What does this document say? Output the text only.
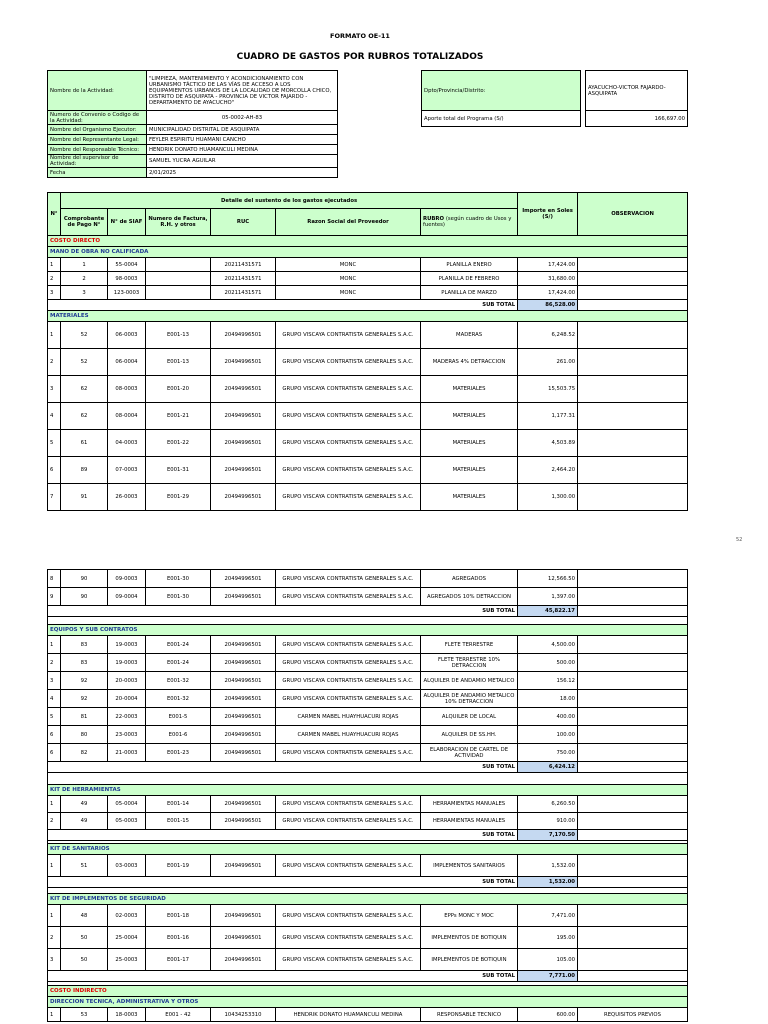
FORMATO OE-11
CUADRO DE GASTOS POR RUBROS TOTALIZADOS
Nombre de la Actividad:	"LIMPIEZA, MANTENIMIENTO Y ACONDICIONAMIENTO CON URBANISMO TÁCTICO DE LAS VÍAS DE ACCESO A LOS EQUIPAMIENTOS URBANOS DE LA LOCALIDAD DE MORCOLLA CHICO, DISTRITO DE ASQUIPATA - PROVINCIA DE VICTOR FAJARDO - DEPARTAMENTO DE AYACUCHO"
Numero de Convenio o Codigo de la Actividad:	05-0002-AH-83
Nombre del Organismo Ejecutor:	MUNICIPALIDAD DISTRITAL DE ASQUIPATA
Nombre del Representante Legal:	FEYLER ESPIRITU HUAMANI CANCHO
Nombre del Responsable Técnico:	HENDRIK DONATO HUAMANCULI MEDINA
Nombre del supervisor de Actividad:	SAMUEL YUCRA AGUILAR
Fecha	2/01/2025
Dpto/Provincia/Distrito:		AYACUCHO-VICTOR FAJARDO-ASQUIPATA
Aporte total del Programa (S/)		166,697.00
N°	Detalle del sustento de los gastos ejecutados						Importe en Soles (S/)	OBSERVACION
	Comprobante de Pago N°	N° de SIAF	Numero de Factura, R.H. y otros	RUC	Razon Social del Proveedor	RUBRO (según cuadro de Usos y fuentes)		
COSTO DIRECTO								
MANO DE OBRA NO CALIFICADA								
1	1	55-0004		20211431571	MONC	PLANILLA ENERO	17,424.00	
2	2	98-0003		20211431571	MONC	PLANILLA DE FEBRERO	31,680.00	
3	3	123-0003		20211431571	MONC	PLANILLA DE MARZO	17,424.00	
SUB TOTAL							86,528.00	
MATERIALES								
1	52	06-0003	E001-13	20494996501	GRUPO VISCAYA CONTRATISTA GENERALES S.A.C.	MADERAS	6,248.52	
2	52	06-0004	E001-13	20494996501	GRUPO VISCAYA CONTRATISTA GENERALES S.A.C.	MADERAS 4% DETRACCION	261.00	
3	62	08-0003	E001-20	20494996501	GRUPO VISCAYA CONTRATISTA GENERALES S.A.C.	MATERIALES	15,503.75	
4	62	08-0004	E001-21	20494996501	GRUPO VISCAYA CONTRATISTA GENERALES S.A.C.	MATERIALES	1,177.31	
5	61	04-0003	E001-22	20494996501	GRUPO VISCAYA CONTRATISTA GENERALES S.A.C.	MATERIALES	4,503.89	
6	89	07-0003	E001-31	20494996501	GRUPO VISCAYA CONTRATISTA GENERALES S.A.C.	MATERIALES	2,464.20	
7	91	26-0003	E001-29	20494996501	GRUPO VISCAYA CONTRATISTA GENERALES S.A.C.	MATERIALES	1,300.00	
52
8	90	09-0003	E001-30	20494996501	GRUPO VISCAYA CONTRATISTA GENERALES S.A.C.	AGREGADOS	12,566.50	
9	90	09-0004	E001-30	20494996501	GRUPO VISCAYA CONTRATISTA GENERALES S.A.C.	AGREGADOS 10% DETRACCION	1,397.00	
SUB TOTAL							45,822.17	

EQUIPOS Y SUB CONTRATOS								
1	83	19-0003	E001-24	20494996501	GRUPO VISCAYA CONTRATISTA GENERALES S.A.C.	FLETE TERRESTRE	4,500.00	
2	83	19-0003	E001-24	20494996501	GRUPO VISCAYA CONTRATISTA GENERALES S.A.C.	FLETE TERRESTRE 10% DETRACCION	500.00	
3	92	20-0003	E001-32	20494996501	GRUPO VISCAYA CONTRATISTA GENERALES S.A.C.	ALQUILER DE ANDAMIO METALICO	156.12	
4	92	20-0004	E001-32	20494996501	GRUPO VISCAYA CONTRATISTA GENERALES S.A.C.	ALQUILER DE ANDAMIO METALICO 10% DETRACCION	18.00	
5	81	22-0003	E001-5	20494996501	CARMEN MABEL HUAYHUACURI ROJAS	ALQUILER DE LOCAL	400.00	
6	80	23-0003	E001-6	20494996501	CARMEN MABEL HUAYHUACURI ROJAS	ALQUILER DE SS.HH.	100.00	
6	82	21-0003	E001-23	20494996501	GRUPO VISCAYA CONTRATISTA GENERALES S.A.C.	ELABORACION DE CARTEL DE ACTIVIDAD	750.00	
SUB TOTAL							6,424.12	

KIT DE HERRAMIENTAS								
1	49	05-0004	E001-14	20494996501	GRUPO VISCAYA CONTRATISTA GENERALES S.A.C.	HERRAMIENTAS MANUALES	6,260.50	
2	49	05-0003	E001-15	20494996501	GRUPO VISCAYA CONTRATISTA GENERALES S.A.C.	HERRAMIENTAS MANUALES	910.00	
SUB TOTAL							7,170.50	

KIT DE SANITARIOS								
1	51	03-0003	E001-19	20494996501	GRUPO VISCAYA CONTRATISTA GENERALES S.A.C.	IMPLEMENTOS SANITARIOS	1,532.00	
SUB TOTAL							1,532.00	

KIT DE IMPLEMENTOS DE SEGURIDAD								
1	48	02-0003	E001-18	20494996501	GRUPO VISCAYA CONTRATISTA GENERALES S.A.C.	EPPs MONC Y MOC	7,471.00	
2	50	25-0004	E001-16	20494996501	GRUPO VISCAYA CONTRATISTA GENERALES S.A.C.	IMPLEMENTOS DE BOTIQUIN	195.00	
3	50	25-0003	E001-17	20494996501	GRUPO VISCAYA CONTRATISTA GENERALES S.A.C.	IMPLEMENTOS DE BOTIQUIN	105.00	
SUB TOTAL							7,771.00	

COSTO INDIRECTO								
DIRECCION TECNICA, ADMINISTRATIVA Y OTROS								
1	53	18-0003	E001 - 42	10434253310	HENDRIK DONATO HUAMANCULI MEDINA	RESPONSABLE TECNICO	600.00	REQUISITOS PREVIOS
